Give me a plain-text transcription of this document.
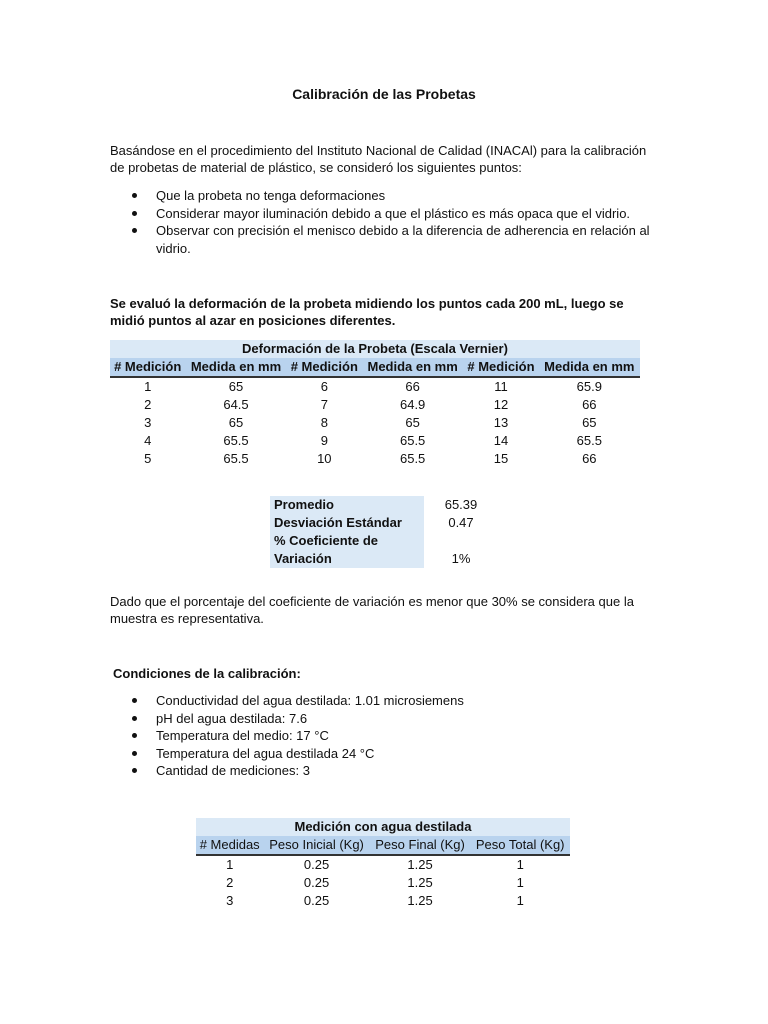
Calibración de las Probetas

Basándose en el procedimiento del Instituto Nacional de Calidad (INACAl) para la calibración de probetas de material de plástico, se consideró los siguientes puntos:

Que la probeta no tenga deformaciones
Considerar mayor iluminación debido a que el plástico es más opaca que el vidrio.
Observar con precisión el menisco debido a la diferencia de adherencia en relación al vidrio.

Se evaluó la deformación de la probeta midiendo los puntos cada 200 mL, luego se midió puntos al azar en posiciones diferentes.

Deformación de la Probeta (Escala Vernier)					
# Medición	Medida en mm	# Medición	Medida en mm	# Medición	Medida en mm
1	65	6	66	11	65.9
2	64.5	7	64.9	12	66
3	65	8	65	13	65
4	65.5	9	65.5	14	65.5
5	65.5	10	65.5	15	66
Promedio	65.39
Desviación Estándar	0.47
% Coeficiente de
Variación	1%

Dado que el porcentaje del coeficiente de variación es menor que 30% se considera que la muestra es representativa.

Condiciones de la calibración:

Conductividad del agua destilada: 1.01 microsiemens
pH del agua destilada: 7.6
Temperatura del medio: 17 °C
Temperatura del agua destilada 24 °C
Cantidad de mediciones: 3
Medición con agua destilada			
# Medidas	Peso Inicial (Kg)	Peso Final (Kg)	Peso Total (Kg)
1	0.25	1.25	1
2	0.25	1.25	1
3	0.25	1.25	1
